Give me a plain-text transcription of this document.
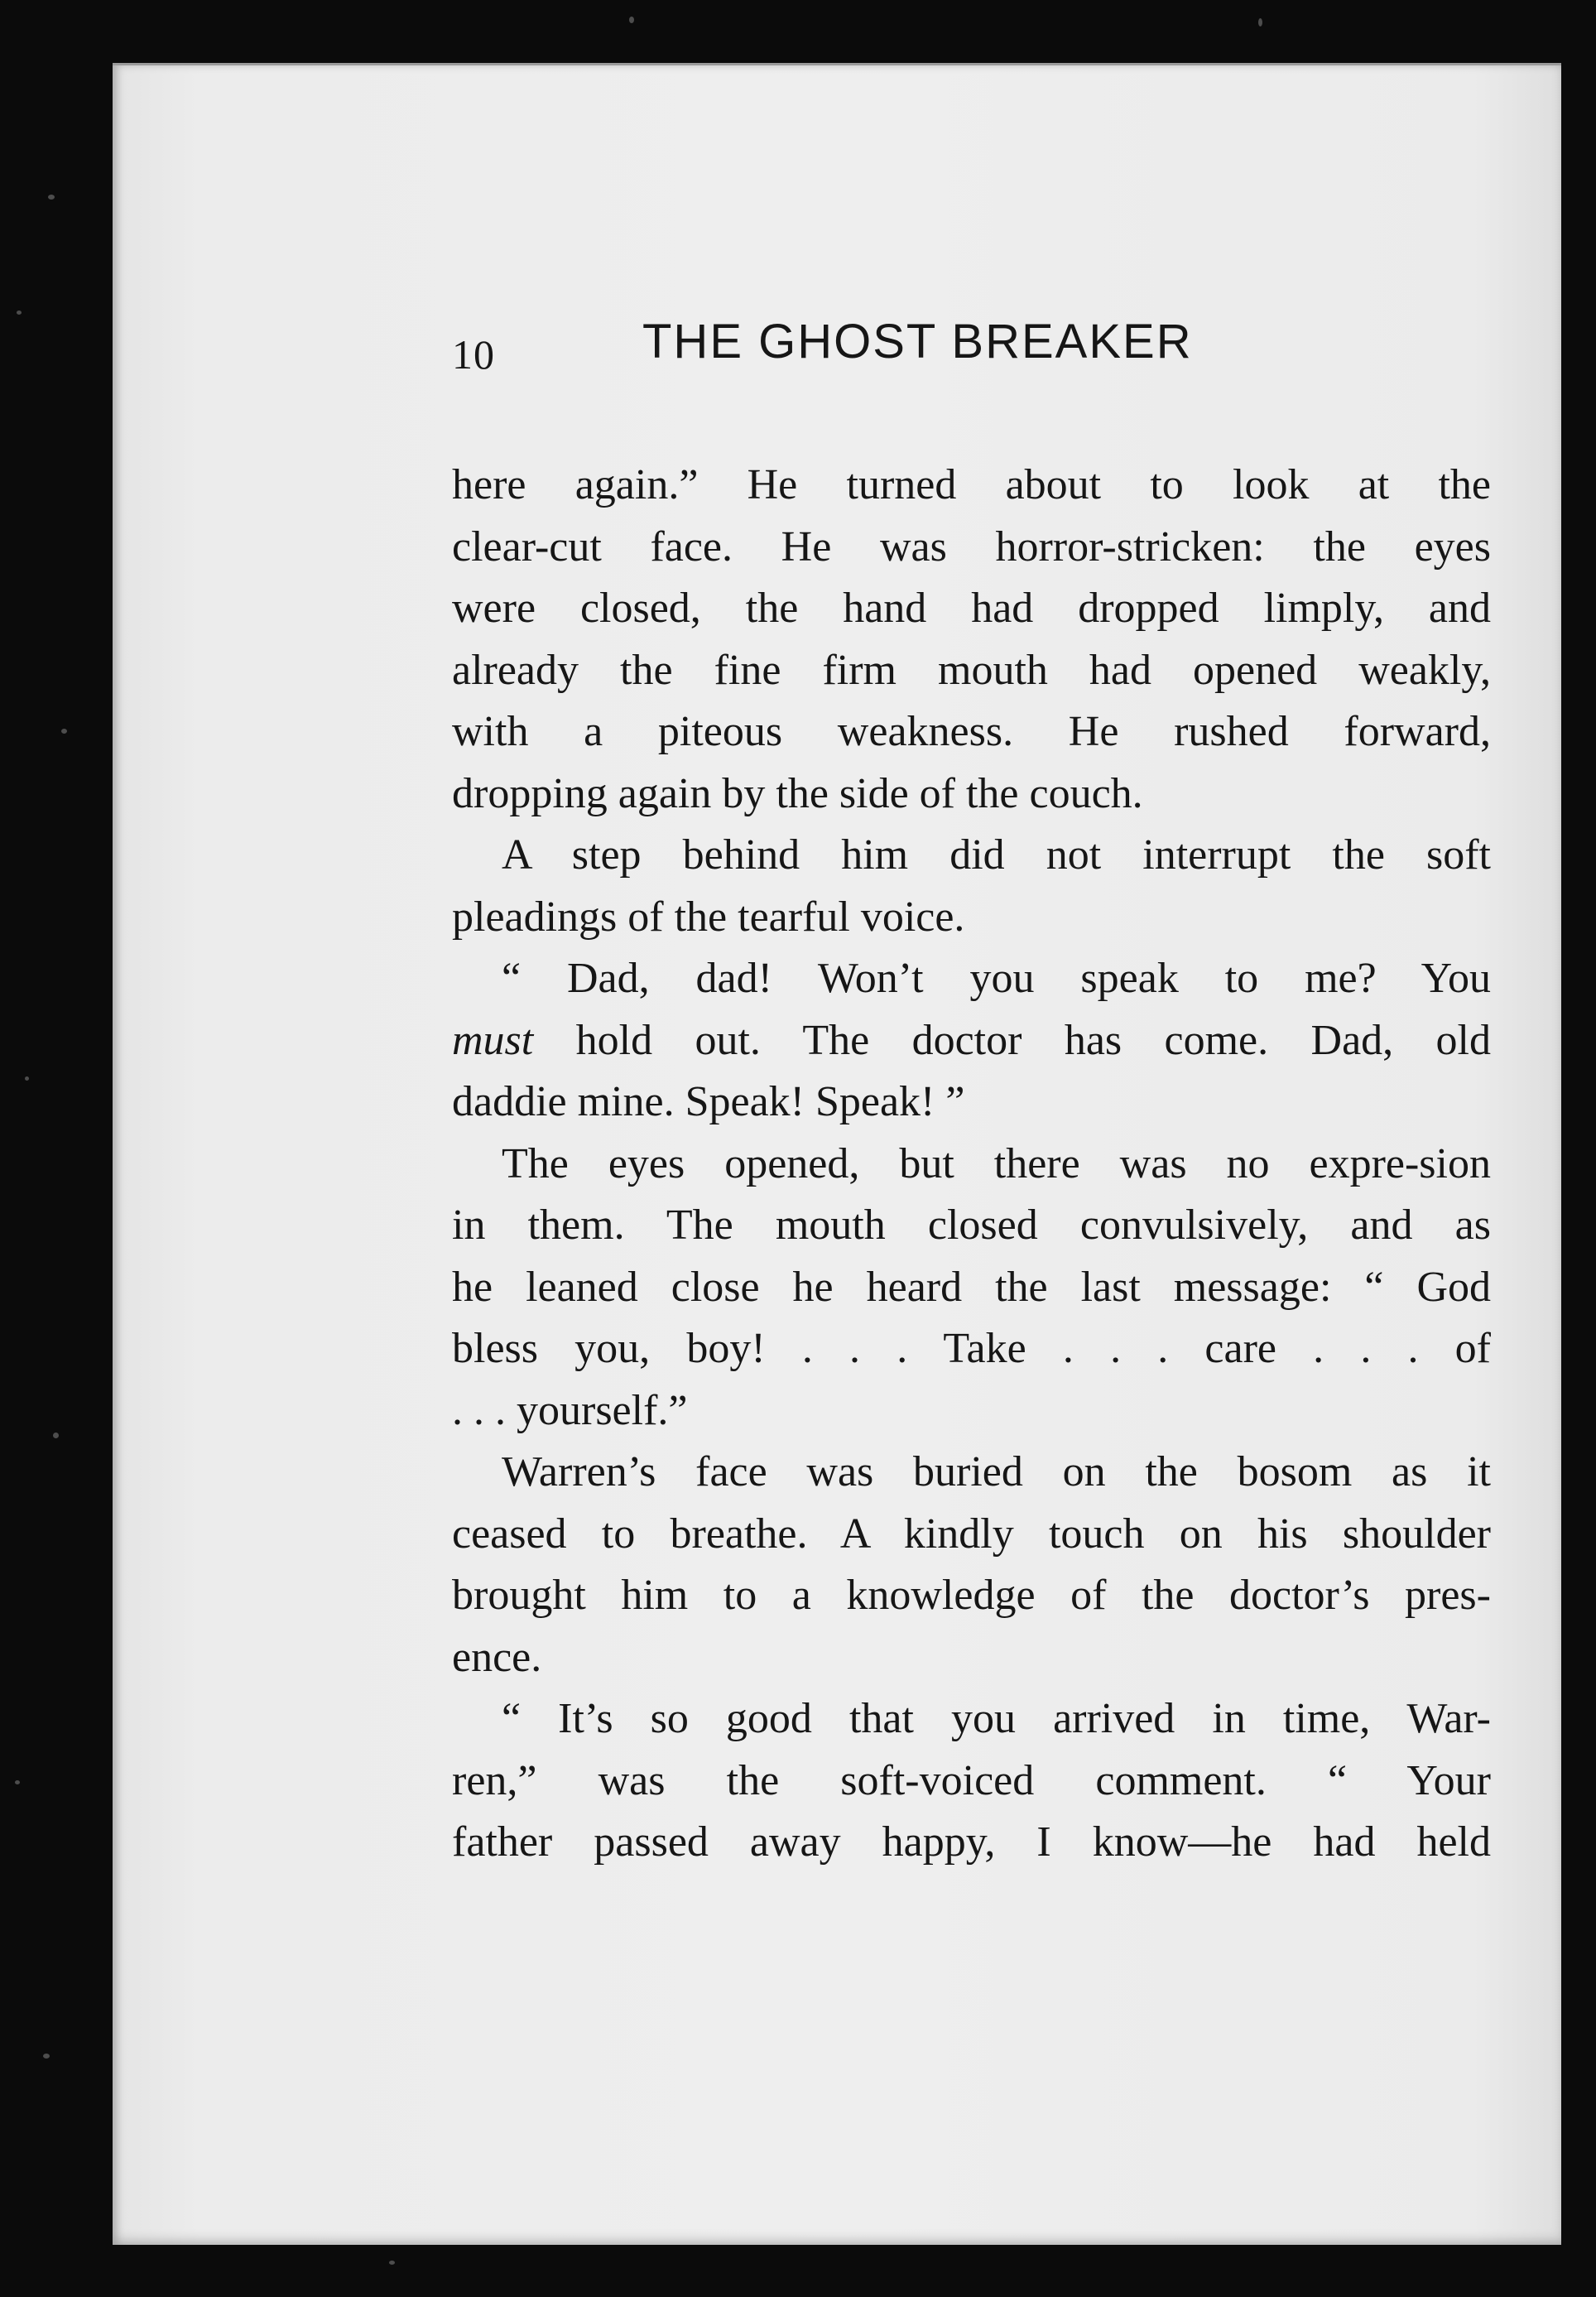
10	THE GHOST BREAKER
here again.” He turned about to look at the
clear-cut face. He was horror-stricken: the eyes
were closed, the hand had dropped limply, and
already the fine firm mouth had opened weakly,
with a piteous weakness. He rushed forward,
dropping again by the side of the couch.
A step behind him did not interrupt the soft
pleadings of the tearful voice.
“ Dad, dad! Won’t you speak to me? You
must hold out. The doctor has come. Dad, old
daddie mine. Speak! Speak! ”
The eyes opened, but there was no expre-sion
in them. The mouth closed convulsively, and as
he leaned close he heard the last message: “ God
bless you, boy! . . . Take . . . care . . . of
. . . yourself.”
Warren’s face was buried on the bosom as it
ceased to breathe. A kindly touch on his shoulder
brought him to a knowledge of the doctor’s pres-
ence.
“ It’s so good that you arrived in time, War-
ren,” was the soft-voiced comment. “ Your
father passed away happy, I know—he had held
